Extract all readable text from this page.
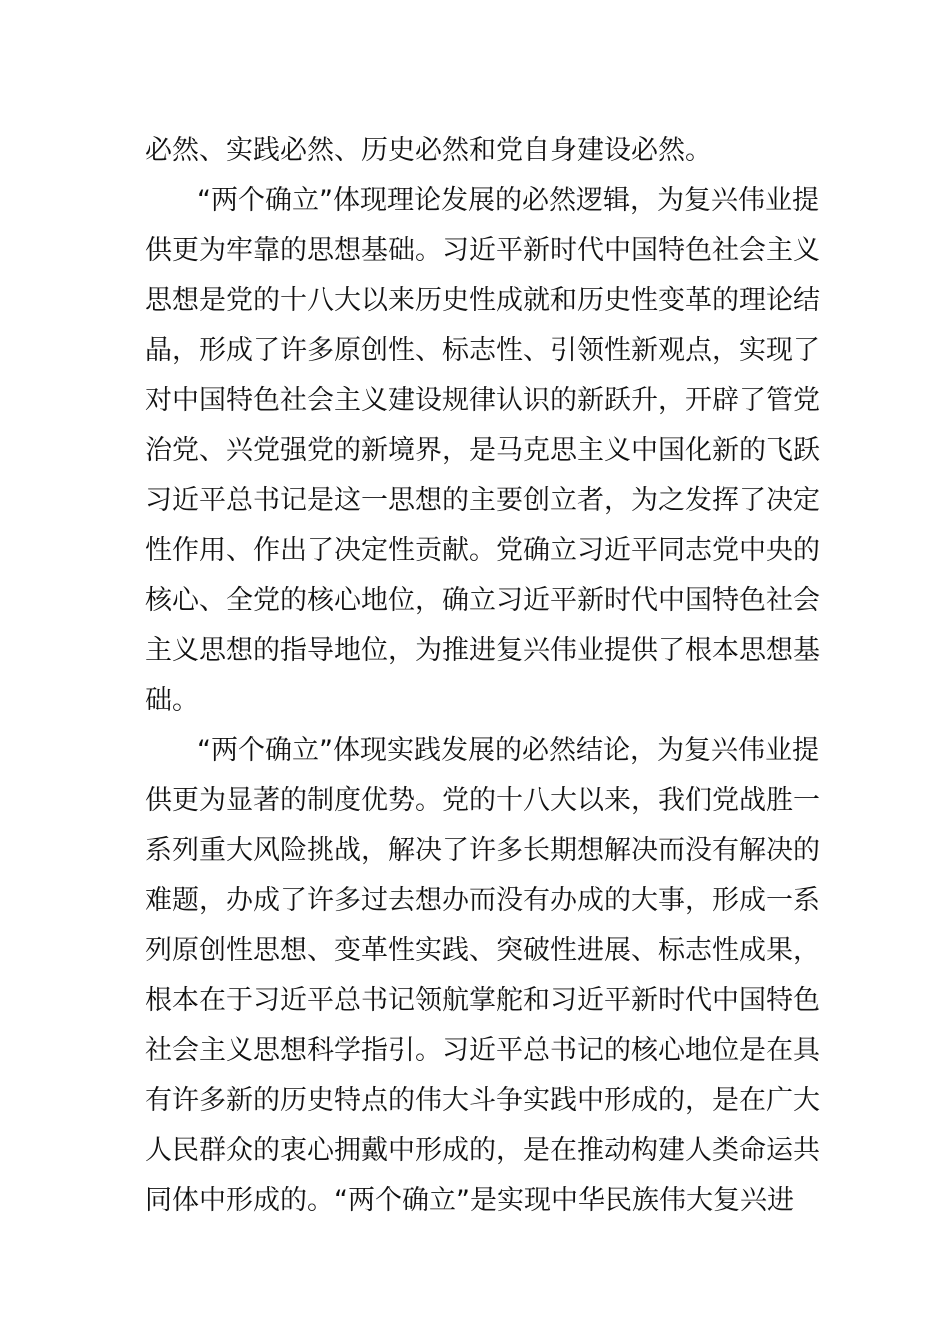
必然、实践必然、历史必然和党自身建设必然。
“两个确立”体现理论发展的必然逻辑，为复兴伟业提
供更为牢靠的思想基础。习近平新时代中国特色社会主义
思想是党的十八大以来历史性成就和历史性变革的理论结
晶，形成了许多原创性、标志性、引领性新观点，实现了
对中国特色社会主义建设规律认识的新跃升，开辟了管党
治党、兴党强党的新境界，是马克思主义中国化新的飞跃
习近平总书记是这一思想的主要创立者，为之发挥了决定
性作用、作出了决定性贡献。党确立习近平同志党中央的
核心、全党的核心地位，确立习近平新时代中国特色社会
主义思想的指导地位，为推进复兴伟业提供了根本思想基
础。
“两个确立”体现实践发展的必然结论，为复兴伟业提
供更为显著的制度优势。党的十八大以来，我们党战胜一
系列重大风险挑战，解决了许多长期想解决而没有解决的
难题，办成了许多过去想办而没有办成的大事，形成一系
列原创性思想、变革性实践、突破性进展、标志性成果，
根本在于习近平总书记领航掌舵和习近平新时代中国特色
社会主义思想科学指引。习近平总书记的核心地位是在具
有许多新的历史特点的伟大斗争实践中形成的，是在广大
人民群众的衷心拥戴中形成的，是在推动构建人类命运共
同体中形成的。“两个确立”是实现中华民族伟大复兴进
